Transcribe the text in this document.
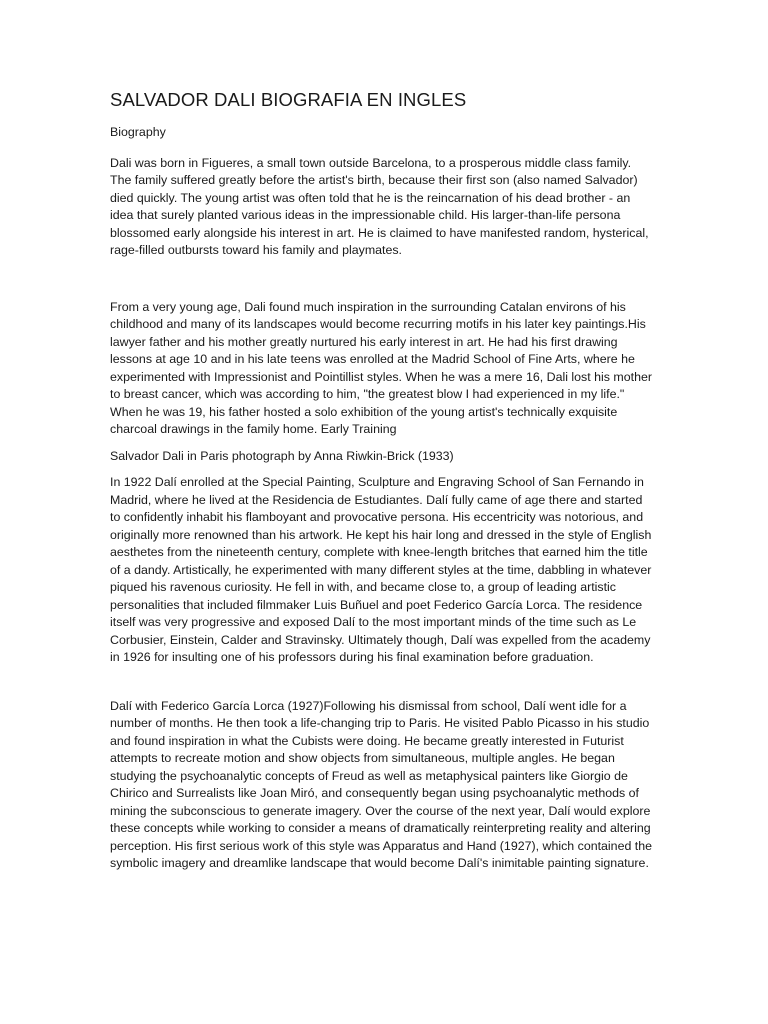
SALVADOR DALI BIOGRAFIA EN INGLES
Biography

Dali was born in Figueres, a small town outside Barcelona, to a prosperous middle class family. The family suffered greatly before the artist's birth, because their first son (also named Salvador) died quickly. The young artist was often told that he is the reincarnation of his dead brother - an idea that surely planted various ideas in the impressionable child. His larger-than-life persona blossomed early alongside his interest in art. He is claimed to have manifested random, hysterical, rage-filled outbursts toward his family and playmates.

From a very young age, Dali found much inspiration in the surrounding Catalan environs of his childhood and many of its landscapes would become recurring motifs in his later key paintings.His lawyer father and his mother greatly nurtured his early interest in art. He had his first drawing lessons at age 10 and in his late teens was enrolled at the Madrid School of Fine Arts, where he experimented with Impressionist and Pointillist styles. When he was a mere 16, Dali lost his mother to breast cancer, which was according to him, "the greatest blow I had experienced in my life." When he was 19, his father hosted a solo exhibition of the young artist's technically exquisite charcoal drawings in the family home. Early Training

Salvador Dali in Paris photograph by Anna Riwkin-Brick (1933)

In 1922 Dalí enrolled at the Special Painting, Sculpture and Engraving School of San Fernando in Madrid, where he lived at the Residencia de Estudiantes. Dalí fully came of age there and started to confidently inhabit his flamboyant and provocative persona. His eccentricity was notorious, and originally more renowned than his artwork. He kept his hair long and dressed in the style of English aesthetes from the nineteenth century, complete with knee-length britches that earned him the title of a dandy. Artistically, he experimented with many different styles at the time, dabbling in whatever piqued his ravenous curiosity. He fell in with, and became close to, a group of leading artistic personalities that included filmmaker Luis Buñuel and poet Federico García Lorca. The residence itself was very progressive and exposed Dalí to the most important minds of the time such as Le Corbusier, Einstein, Calder and Stravinsky. Ultimately though, Dalí was expelled from the academy in 1926 for insulting one of his professors during his final examination before graduation.

Dalí with Federico García Lorca (1927)Following his dismissal from school, Dalí went idle for a number of months. He then took a life-changing trip to Paris. He visited Pablo Picasso in his studio and found inspiration in what the Cubists were doing. He became greatly interested in Futurist attempts to recreate motion and show objects from simultaneous, multiple angles. He began studying the psychoanalytic concepts of Freud as well as metaphysical painters like Giorgio de Chirico and Surrealists like Joan Miró, and consequently began using psychoanalytic methods of mining the subconscious to generate imagery. Over the course of the next year, Dalí would explore these concepts while working to consider a means of dramatically reinterpreting reality and altering perception. His first serious work of this style was Apparatus and Hand (1927), which contained the symbolic imagery and dreamlike landscape that would become Dalí's inimitable painting signature.
